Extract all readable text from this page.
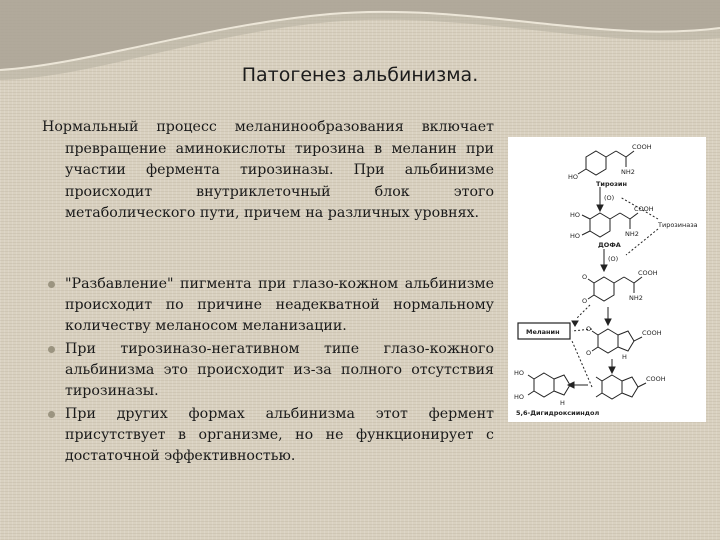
Патогенез альбинизма.

Нормальный процесс меланинообразования включает превращение аминокислоты тирозина в меланин при участии фермента тирозиназы. При альбинизме происходит внутриклеточный блок этого метаболического пути, причем на различных уровнях.

"Разбавление" пигмента при глазо-кожном альбинизме происходит по причине неадекватной нормальному количеству меланосом меланизации.
При тирозиназо-негативном типе глазо-кожного альбинизма это происходит из-за полного отсутствия тирозиназы.
При других формах альбинизма этот фермент присутствует в организме, но не функционирует с достаточной эффективностью.
COOH
HO
NH2
Тирозин
(O)
Тирозиназа
HO
HO
COOH
NH2
ДОФА
(O)
O
O
COOH
NH2
Меланин	O
O
COOH
H
HO
HO
COOH
H
5,6-Дигидроксииндол
